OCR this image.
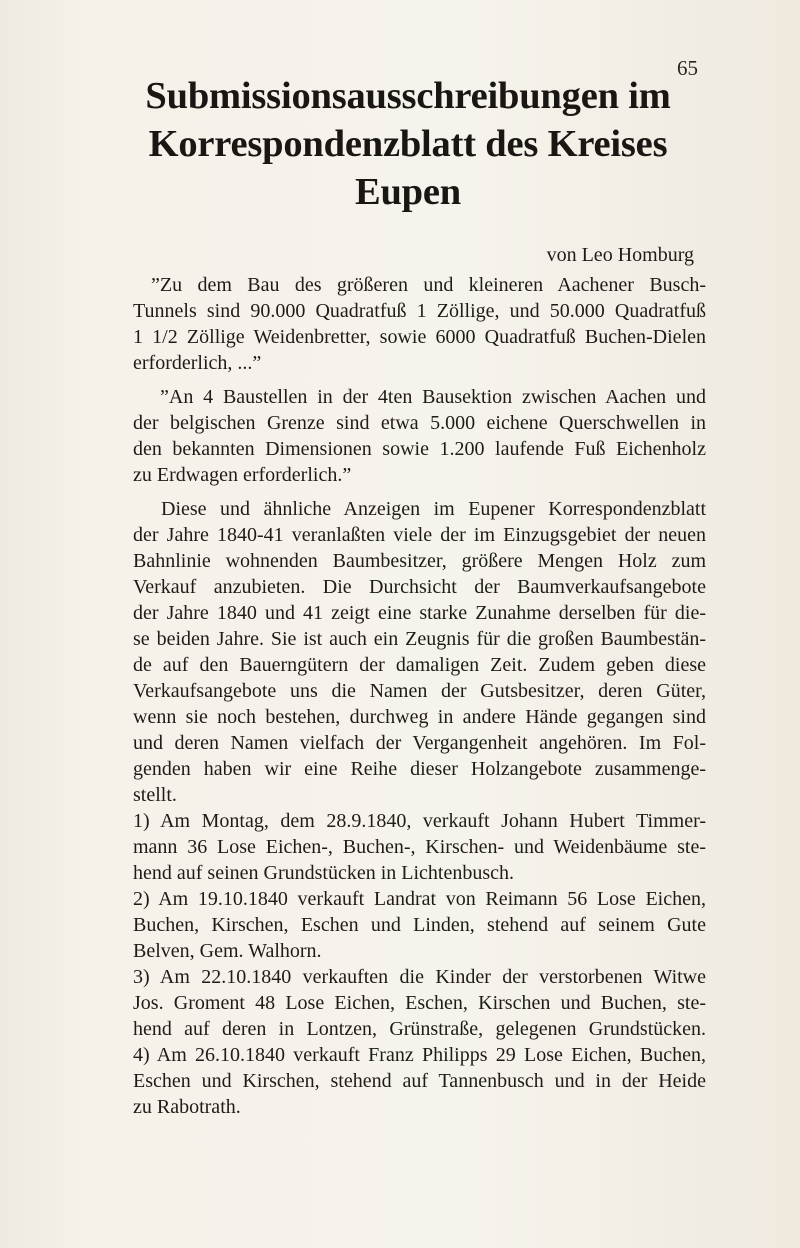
65
Submissionsausschreibungen im
Korrespondenzblatt des Kreises
Eupen
von Leo Homburg
”Zu dem Bau des größeren und kleineren Aachener Busch-
Tunnels sind 90.000 Quadratfuß 1 Zöllige, und 50.000 Quadratfuß
1 1/2 Zöllige Weidenbretter, sowie 6000 Quadratfuß Buchen-Dielen
erforderlich, ...”
”An 4 Baustellen in der 4ten Bausektion zwischen Aachen und
der belgischen Grenze sind etwa 5.000 eichene Querschwellen in
den bekannten Dimensionen sowie 1.200 laufende Fuß Eichenholz
zu Erdwagen erforderlich.”
Diese und ähnliche Anzeigen im Eupener Korrespondenzblatt
der Jahre 1840-41 veranlaßten viele der im Einzugsgebiet der neuen
Bahnlinie wohnenden Baumbesitzer, größere Mengen Holz zum
Verkauf anzubieten. Die Durchsicht der Baumverkaufsangebote
der Jahre 1840 und 41 zeigt eine starke Zunahme derselben für die-
se beiden Jahre. Sie ist auch ein Zeugnis für die großen Baumbestän-
de auf den Bauerngütern der damaligen Zeit. Zudem geben diese
Verkaufsangebote uns die Namen der Gutsbesitzer, deren Güter,
wenn sie noch bestehen, durchweg in andere Hände gegangen sind
und deren Namen vielfach der Vergangenheit angehören. Im Fol-
genden haben wir eine Reihe dieser Holzangebote zusammenge-
stellt.
1) Am Montag, dem 28.9.1840, verkauft Johann Hubert Timmer-
mann 36 Lose Eichen-, Buchen-, Kirschen- und Weidenbäume ste-
hend auf seinen Grundstücken in Lichtenbusch.
2) Am 19.10.1840 verkauft Landrat von Reimann 56 Lose Eichen,
Buchen, Kirschen, Eschen und Linden, stehend auf seinem Gute
Belven, Gem. Walhorn.
3) Am 22.10.1840 verkauften die Kinder der verstorbenen Witwe
Jos. Groment 48 Lose Eichen, Eschen, Kirschen und Buchen, ste-
hend auf deren in Lontzen, Grünstraße, gelegenen Grundstücken.
4) Am 26.10.1840 verkauft Franz Philipps 29 Lose Eichen, Buchen,
Eschen und Kirschen, stehend auf Tannenbusch und in der Heide
zu Rabotrath.
